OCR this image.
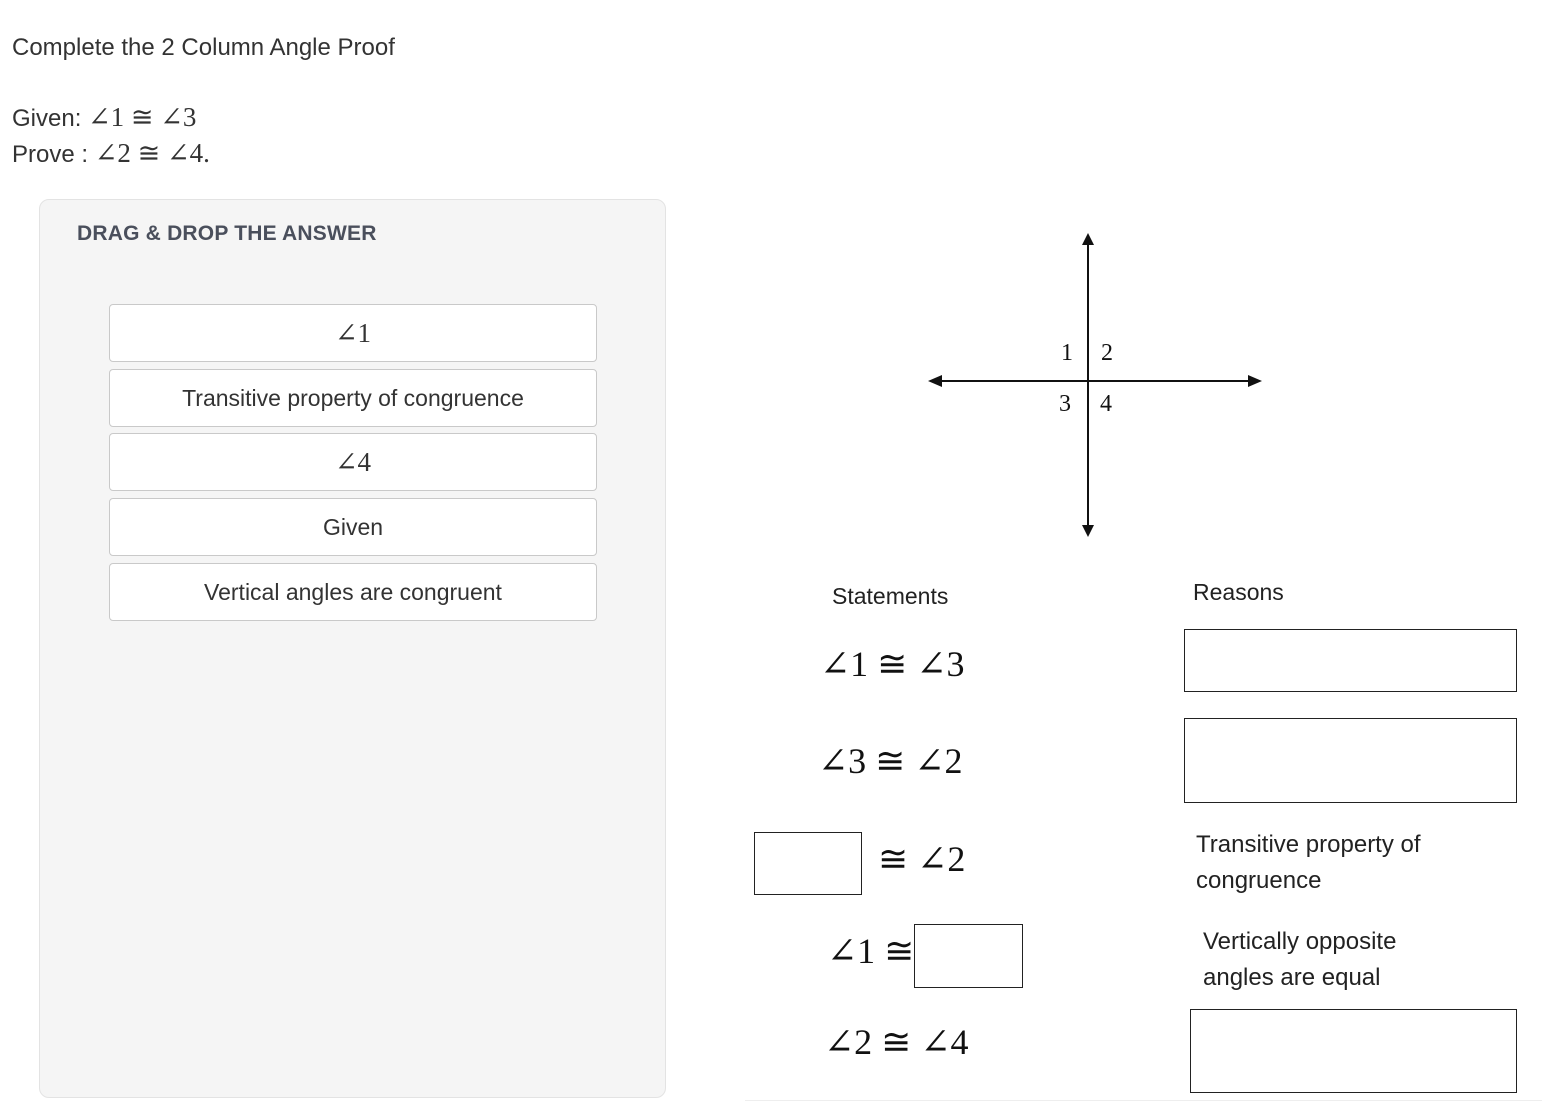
Complete the 2 Column Angle Proof
Given: ∠1 ≅ ∠3
Prove : ∠2 ≅ ∠4.
DRAG & DROP THE ANSWER
∠1
Transitive property of congruence
∠4
Given
Vertical angles are congruent
1 2
3 4
Statements	Reasons
∠1 ≅ ∠3
∠3 ≅ ∠2
≅ ∠2	Transitive property of
congruence
∠1 ≅	Vertically opposite
angles are equal
∠2 ≅ ∠4
